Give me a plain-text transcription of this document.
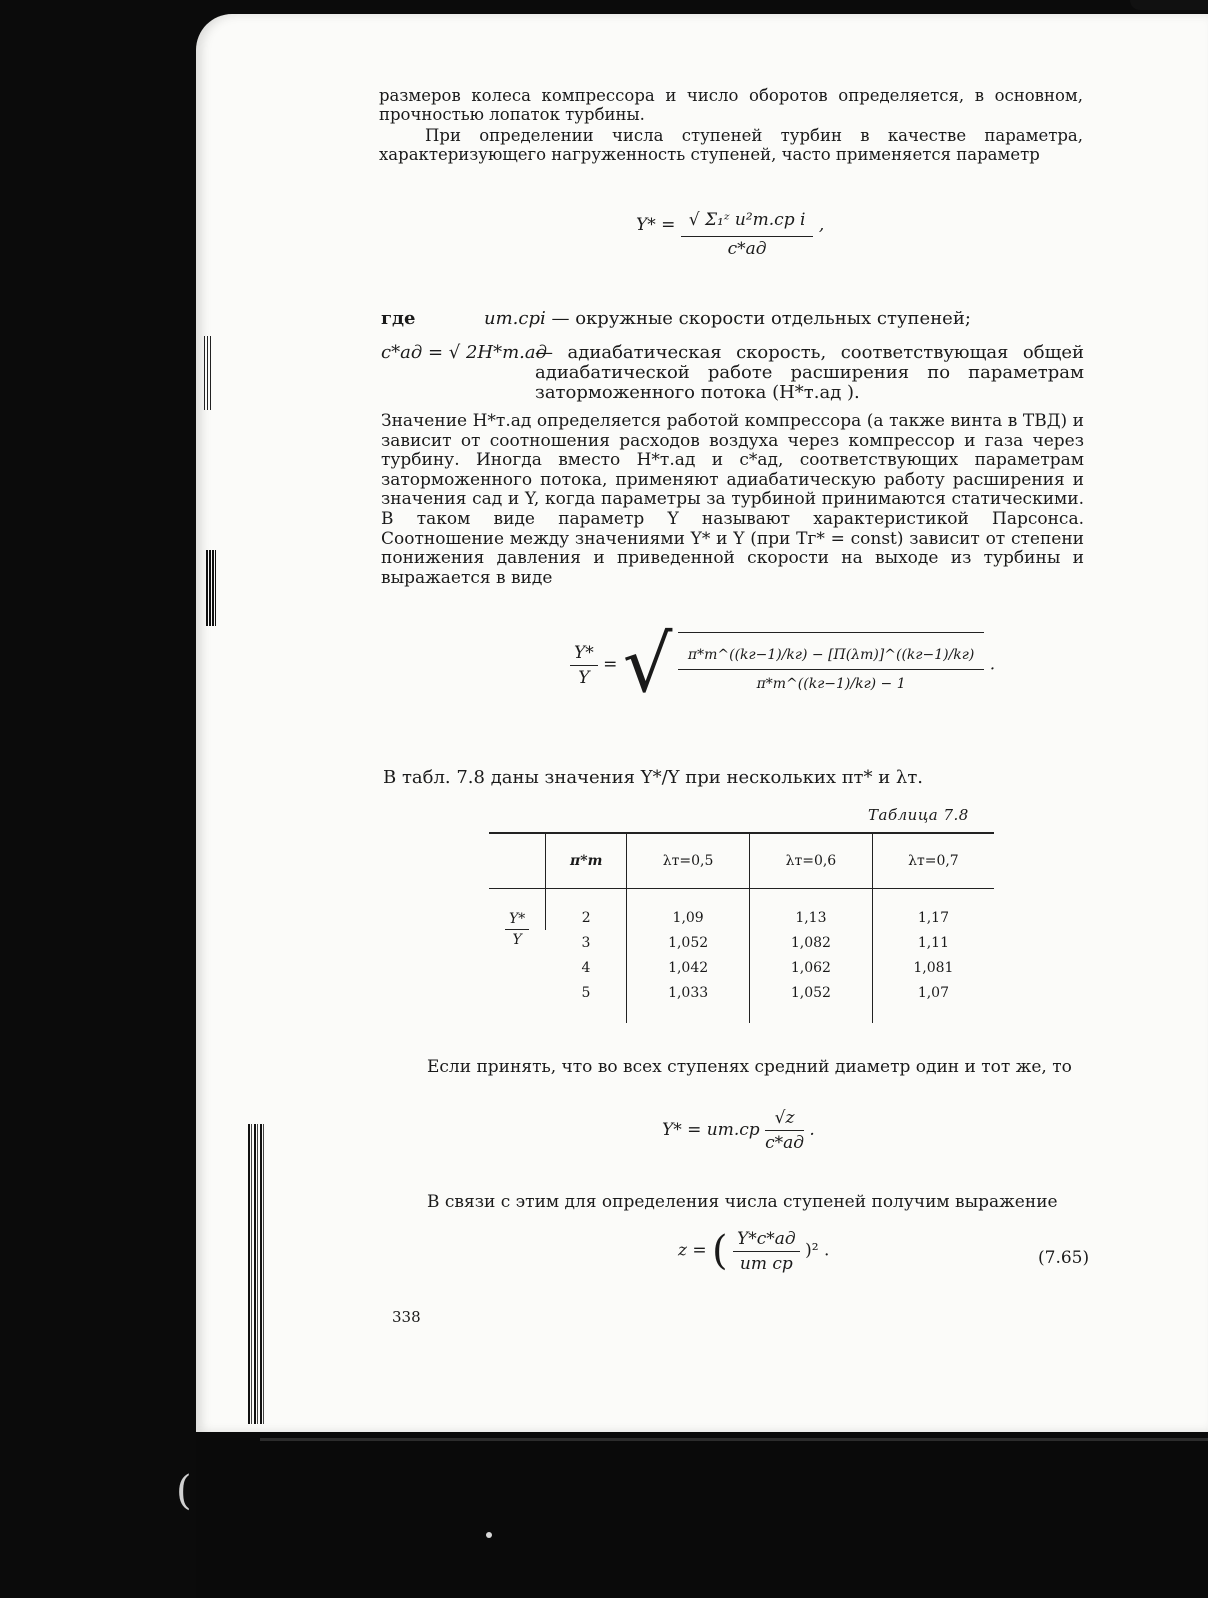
(

размеров колеса компрессора и число оборотов определяется, в основном, прочностью лопаток турбины.

При определении числа ступеней турбин в качестве параметра, характеризующего нагруженность ступеней, часто применяется параметр

$Y* = \frac{\text{√ Σ₁ᶻ u²т.ср i}}{c*ад}$ ,
где	uт.срi — окружные скорости отдельных ступеней;
c*ад = √ 2H*т.ад
— адиабатическая скорость, соответствующая общей адиабатической работе расширения по параметрам заторможенного потока (H*т.ад ).

Значение H*т.ад определяется работой компрессора (а также винта в ТВД) и зависит от соотношения расходов воздуха через компрессор и газа через турбину. Иногда вместо H*т.ад и c*ад, соответствующих параметрам заторможенного потока, применяют адиабатическую работу расширения и значения cад и Y, когда параметры за турбиной принимаются статическими. В таком виде параметр Y называют характеристикой Парсонса. Соотношение между значениями Y* и Y (при Tг* = const) зависит от степени понижения давления и приведенной скорости на выходе из турбины и выражается в виде

$\frac{Y*}{Y}$ = √ $\frac{\pi*т\^{}((kг-1)/kг) - [\Pi(\lambda т)]\^{}((kг-1)/kг)}{\pi*т\^{}((kг-1)/kг) - 1}$ .

В табл. 7.8 даны значения Y*/Y при нескольких πт* и λт.

Таблица 7.8
	π*т	λт=0,5	λт=0,6	λт=0,7

$\frac{Y*}{Y}$	2	1,09	1,13	1,17
	3	1,052	1,082	1,11
	4	1,042	1,062	1,081
	5	1,033	1,052	1,07

Если принять, что во всех ступенях средний диаметр один и тот же, то

$Y* = uт.ср \frac{√z}{c*ад}$ .

В связи с этим для определения числа ступеней получим выражение

z = ( $\frac{Y*c*ад}{\text{uт ср}} )^2$ .	(7.65)
338
